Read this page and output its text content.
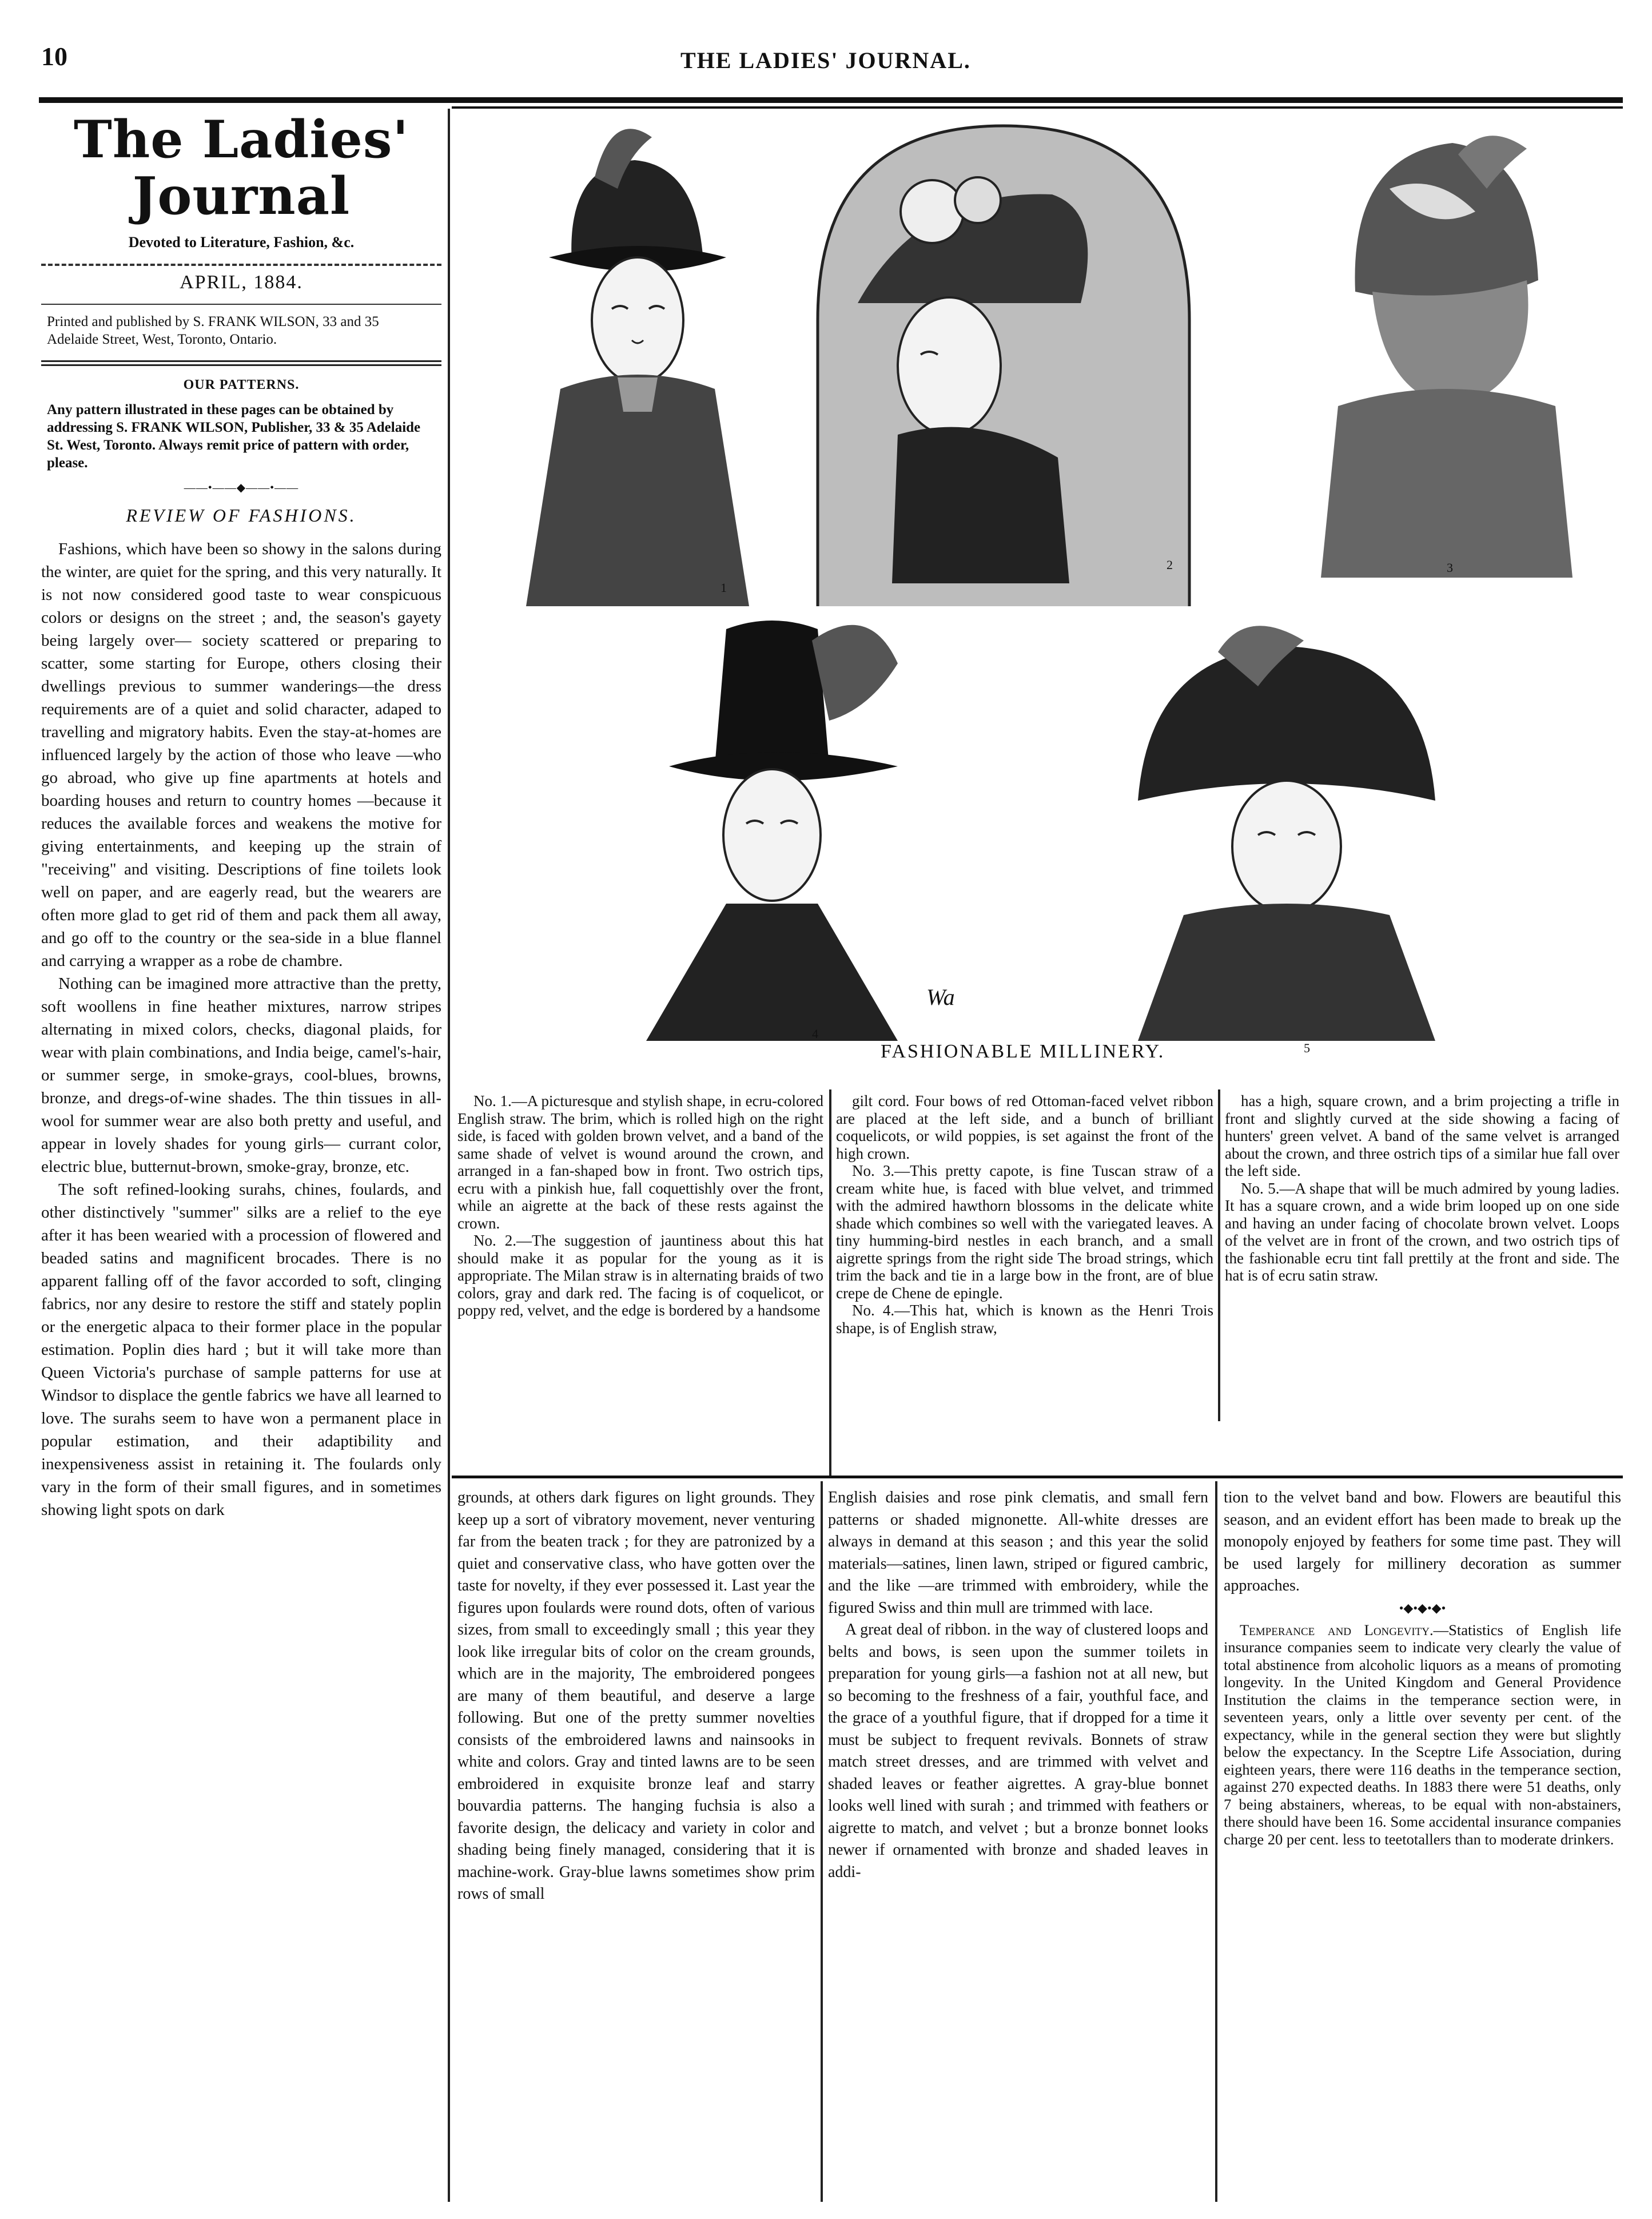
10	THE LADIES' JOURNAL.
The Ladies' Journal
Devoted to Literature, Fashion, &c.
APRIL, 1884.
Printed and published by S. FRANK WILSON, 33 and 35 Adelaide Street, West, Toronto, Ontario.
OUR PATTERNS.
Any pattern illustrated in these pages can be obtained by addressing S. FRANK WILSON, Publisher, 33 & 35 Adelaide St. West, Toronto. Always remit price of pattern with order, please.
——•——◆——•——
REVIEW OF FASHIONS.

Fashions, which have been so showy in the salons during the winter, are quiet for the spring, and this very naturally. It is not now considered good taste to wear conspicuous colors or designs on the street ; and, the season's gayety being largely over— society scattered or preparing to scatter, some starting for Europe, others closing their dwellings previous to summer wanderings—the dress requirements are of a quiet and solid character, adaped to travelling and migratory habits. Even the stay-at-homes are influenced largely by the action of those who leave —who go abroad, who give up fine apartments at hotels and boarding houses and return to country homes —because it reduces the available forces and weakens the motive for giving entertainments, and keeping up the strain of "receiving" and visiting. Descriptions of fine toilets look well on paper, and are eagerly read, but the wearers are often more glad to get rid of them and pack them all away, and go off to the country or the sea-side in a blue flannel and carrying a wrapper as a robe de chambre.

Nothing can be imagined more attractive than the pretty, soft woollens in fine heather mixtures, narrow stripes alternating in mixed colors, checks, diagonal plaids, for wear with plain combinations, and India beige, camel's-hair, or summer serge, in smoke-grays, cool-blues, browns, bronze, and dregs-of-wine shades. The thin tissues in all-wool for summer wear are also both pretty and useful, and appear in lovely shades for young girls— currant color, electric blue, butternut-brown, smoke-gray, bronze, etc.

The soft refined-looking surahs, chines, foulards, and other distinctively "summer" silks are a relief to the eye after it has been wearied with a procession of flowered and beaded satins and magnificent brocades. There is no apparent falling off of the favor accorded to soft, clinging fabrics, nor any desire to restore the stiff and stately poplin or the energetic alpaca to their former place in the popular estimation. Poplin dies hard ; but it will take more than Queen Victoria's purchase of sample patterns for use at Windsor to displace the gentle fabrics we have all learned to love. The surahs seem to have won a permanent place in popular estimation, and their adaptibility and inexpensiveness assist in retaining it. The foulards only vary in the form of their small figures, and in sometimes showing light spots on dark

1
2	3
4
Wa
5
FASHIONABLE MILLINERY.

No. 1.—A picturesque and stylish shape, in ecru-colored English straw. The brim, which is rolled high on the right side, is faced with golden brown velvet, and a band of the same shade of velvet is wound around the crown, and arranged in a fan-shaped bow in front. Two ostrich tips, ecru with a pinkish hue, fall coquettishly over the front, while an aigrette at the back of these rests against the crown.

No. 2.—The suggestion of jauntiness about this hat should make it as popular for the young as it is appropriate. The Milan straw is in alternating braids of two colors, gray and dark red. The facing is of coquelicot, or poppy red, velvet, and the edge is bordered by a handsome

gilt cord. Four bows of red Ottoman-faced velvet ribbon are placed at the left side, and a bunch of brilliant coquelicots, or wild poppies, is set against the front of the high crown.

No. 3.—This pretty capote, is fine Tuscan straw of a cream white hue, is faced with blue velvet, and trimmed with the admired hawthorn blossoms in the delicate white shade which combines so well with the variegated leaves. A tiny humming-bird nestles in each branch, and a small aigrette springs from the right side The broad strings, which trim the back and tie in a large bow in the front, are of blue crepe de Chene de epingle.

No. 4.—This hat, which is known as the Henri Trois shape, is of English straw,

has a high, square crown, and a brim projecting a trifle in front and slightly curved at the side showing a facing of hunters' green velvet. A band of the same velvet is arranged about the crown, and three ostrich tips of a similar hue fall over the left side.

No. 5.—A shape that will be much admired by young ladies. It has a square crown, and a wide brim looped up on one side and having an under facing of chocolate brown velvet. Loops of the velvet are in front of the crown, and two ostrich tips of the fashionable ecru tint fall prettily at the front and side. The hat is of ecru satin straw.

grounds, at others dark figures on light grounds. They keep up a sort of vibratory movement, never venturing far from the beaten track ; for they are patronized by a quiet and conservative class, who have gotten over the taste for novelty, if they ever possessed it. Last year the figures upon foulards were round dots, often of various sizes, from small to exceedingly small ; this year they look like irregular bits of color on the cream grounds, which are in the majority, The embroidered pongees are many of them beautiful, and deserve a large following. But one of the pretty summer novelties consists of the embroidered lawns and nainsooks in white and colors. Gray and tinted lawns are to be seen embroidered in exquisite bronze leaf and starry bouvardia patterns. The hanging fuchsia is also a favorite design, the delicacy and variety in color and shading being finely managed, considering that it is machine-work. Gray-blue lawns sometimes show prim rows of small

English daisies and rose pink clematis, and small fern patterns or shaded mignonette. All-white dresses are always in demand at this season ; and this year the solid materials—satines, linen lawn, striped or figured cambric, and the like —are trimmed with embroidery, while the figured Swiss and thin mull are trimmed with lace.

A great deal of ribbon. in the way of clustered loops and belts and bows, is seen upon the summer toilets in preparation for young girls—a fashion not at all new, but so becoming to the freshness of a fair, youthful face, and the grace of a youthful figure, that if dropped for a time it must be subject to frequent revivals. Bonnets of straw match street dresses, and are trimmed with velvet and shaded leaves or feather aigrettes. A gray-blue bonnet looks well lined with surah ; and trimmed with feathers or aigrette to match, and velvet ; but a bronze bonnet looks newer if ornamented with bronze and shaded leaves in addi-

tion to the velvet band and bow. Flowers are beautiful this season, and an evident effort has been made to break up the monopoly enjoyed by feathers for some time past. They will be used largely for millinery decoration as summer approaches.
•◆•◆•◆•
Temperance and Longevity.—Statistics of English life insurance companies seem to indicate very clearly the value of total abstinence from alcoholic liquors as a means of promoting longevity. In the United Kingdom and General Providence Institution the claims in the temperance section were, in seventeen years, only a little over seventy per cent. of the expectancy, while in the general section they were but slightly below the expectancy. In the Sceptre Life Association, during eighteen years, there were 116 deaths in the temperance section, against 270 expected deaths. In 1883 there were 51 deaths, only 7 being abstainers, whereas, to be equal with non-abstainers, there should have been 16. Some accidental insurance companies charge 20 per cent. less to teetotallers than to moderate drinkers.
